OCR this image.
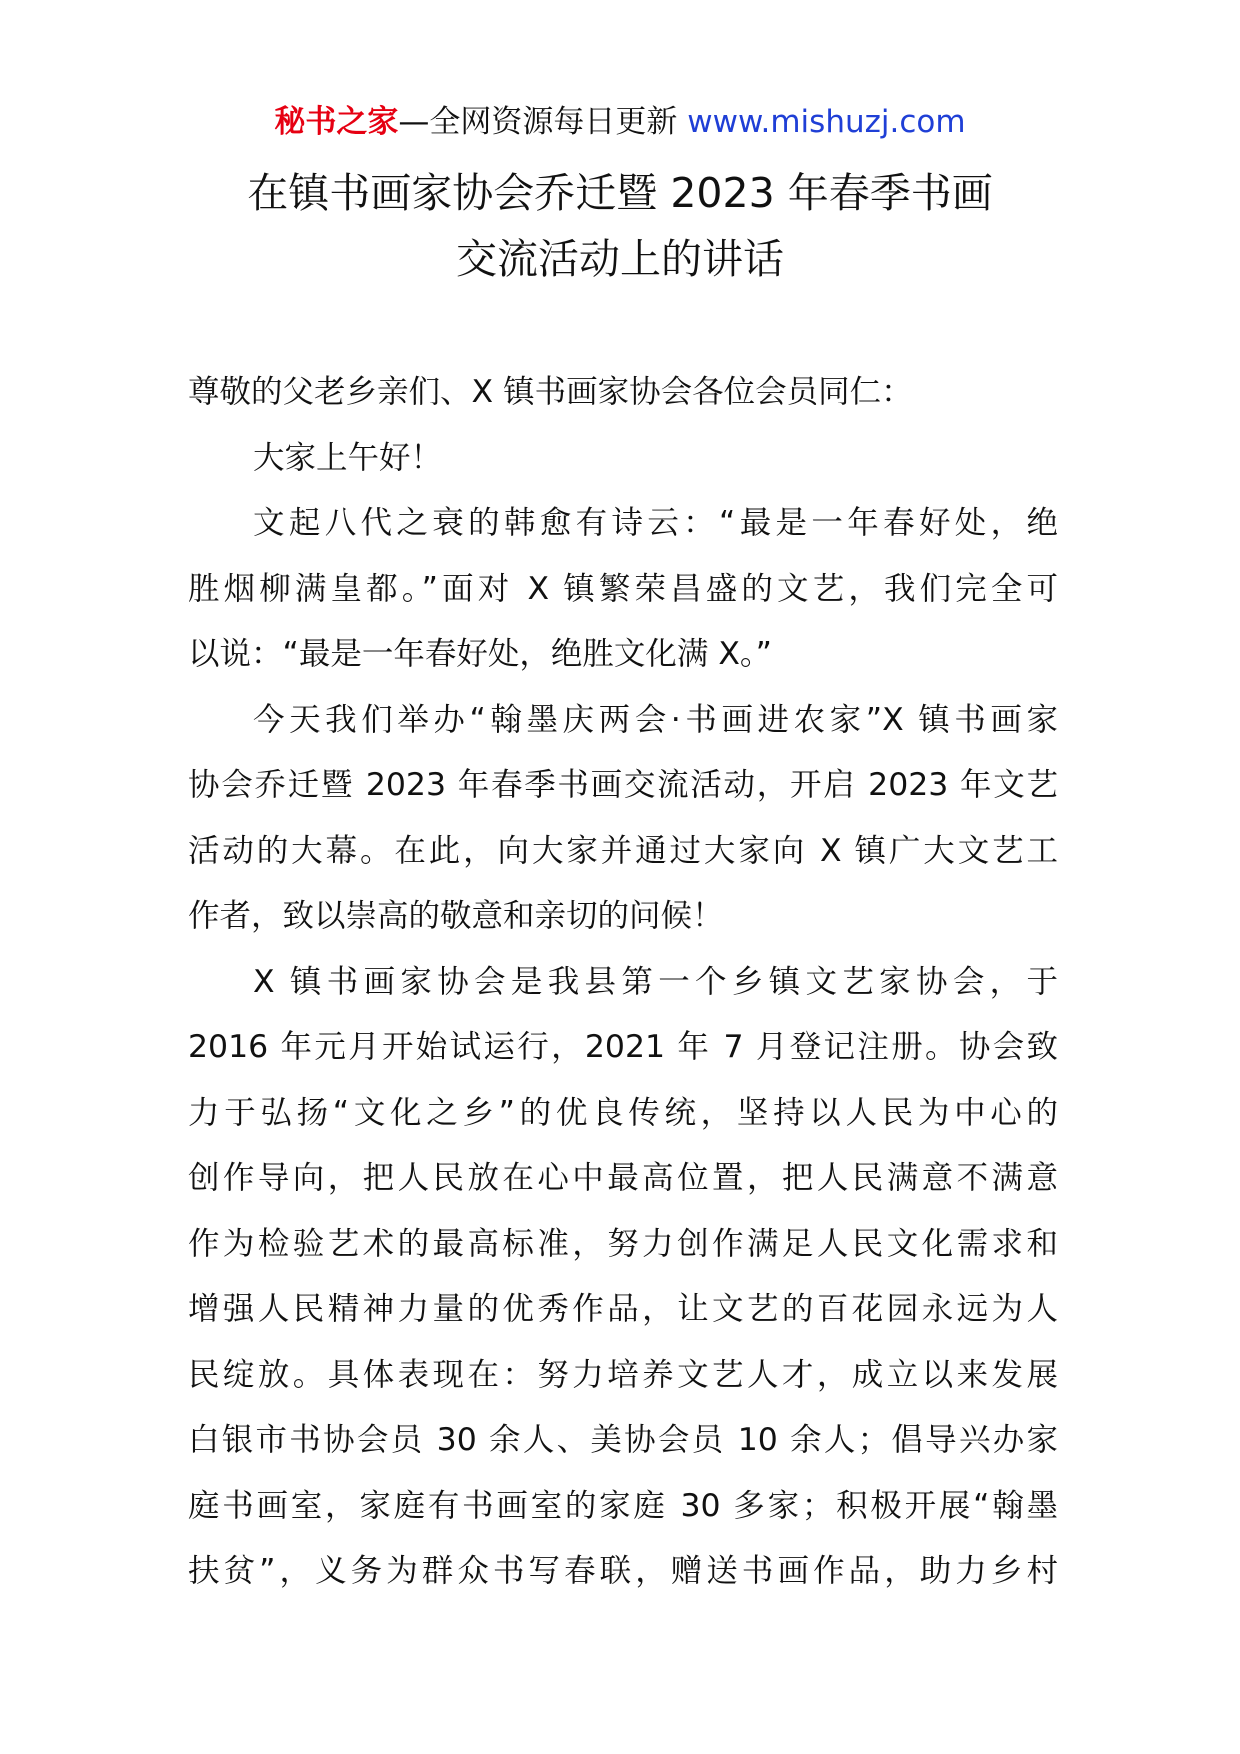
秘书之家—全网资源每日更新 www.mishuzj.com
在镇书画家协会乔迁暨 2023 年春季书画
交流活动上的讲话
尊敬的父老乡亲们、X 镇书画家协会各位会员同仁：
大家上午好！
文起八代之衰的韩愈有诗云：“最是一年春好处，绝
胜烟柳满皇都。”面对 X 镇繁荣昌盛的文艺，我们完全可
以说：“最是一年春好处，绝胜文化满 X。”
今天我们举办“翰墨庆两会·书画进农家”X 镇书画家
协会乔迁暨 2023 年春季书画交流活动，开启 2023 年文艺
活动的大幕。在此，向大家并通过大家向 X 镇广大文艺工
作者，致以崇高的敬意和亲切的问候！
X 镇书画家协会是我县第一个乡镇文艺家协会，于
2016 年元月开始试运行，2021 年 7 月登记注册。协会致
力于弘扬“文化之乡”的优良传统，坚持以人民为中心的
创作导向，把人民放在心中最高位置，把人民满意不满意
作为检验艺术的最高标准，努力创作满足人民文化需求和
增强人民精神力量的优秀作品，让文艺的百花园永远为人
民绽放。具体表现在：努力培养文艺人才，成立以来发展
白银市书协会员 30 余人、美协会员 10 余人；倡导兴办家
庭书画室，家庭有书画室的家庭 30 多家；积极开展“翰墨
扶贫”，义务为群众书写春联，赠送书画作品，助力乡村
